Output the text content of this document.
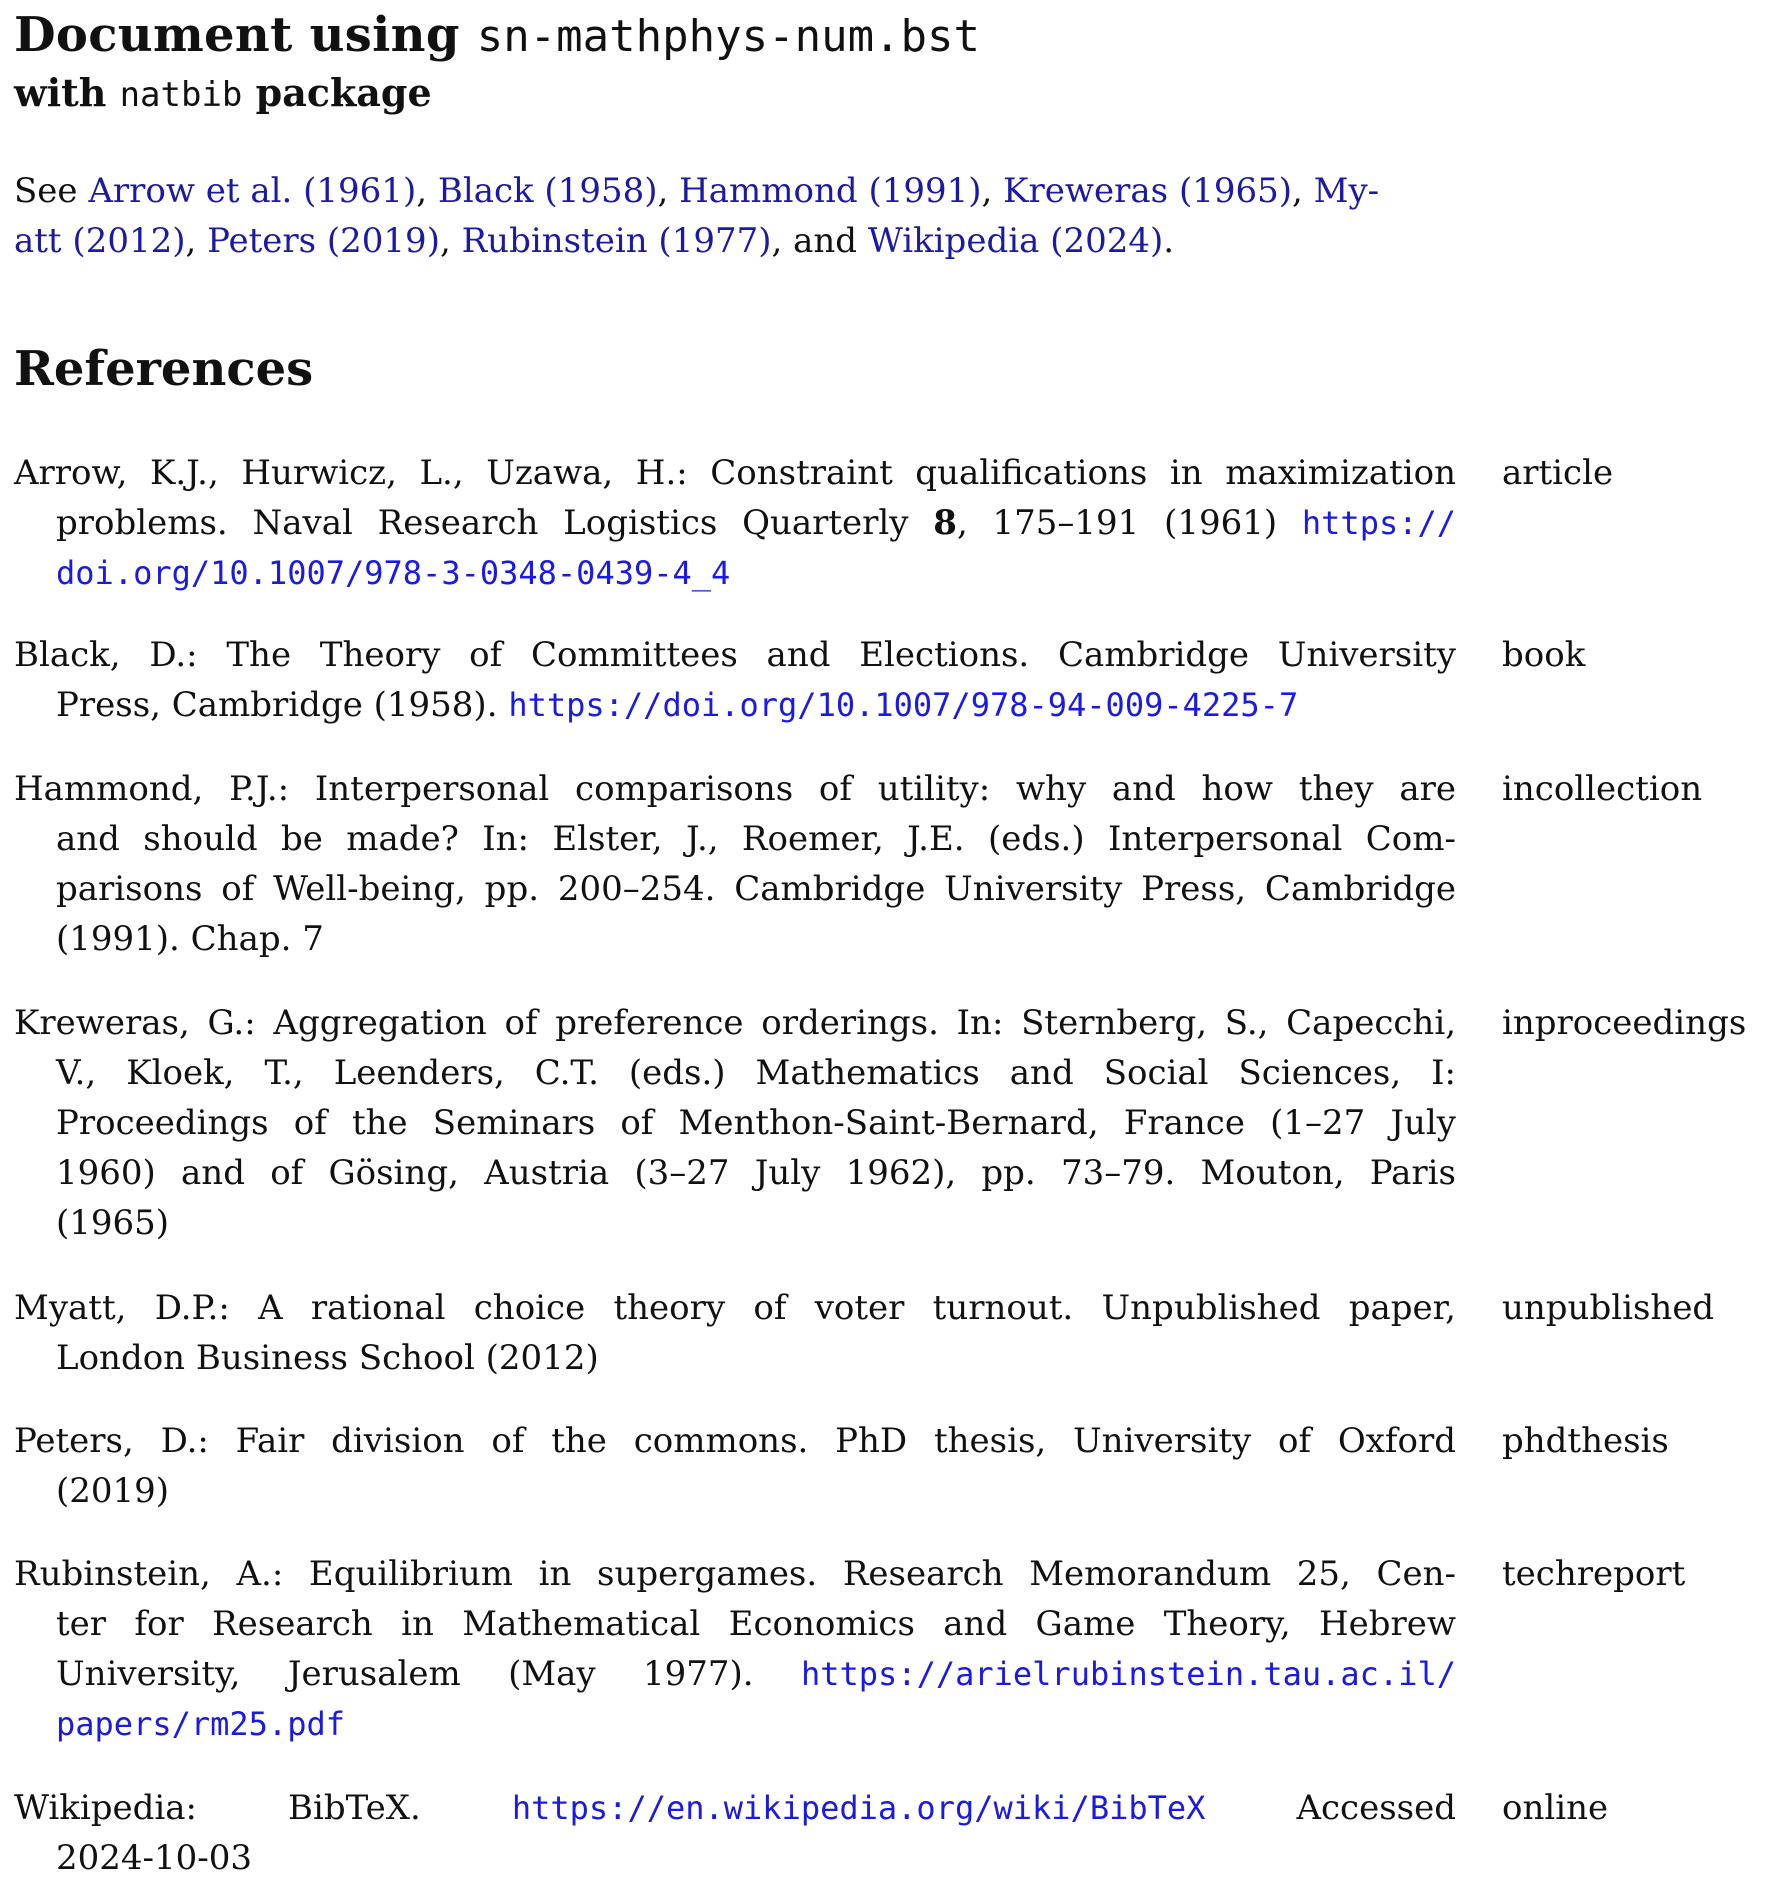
Document using sn-mathphys-num.bst
with natbib package
See Arrow et al. (1961), Black (1958), Hammond (1991), Kreweras (1965), My-
att (2012), Peters (2019), Rubinstein (1977), and Wikipedia (2024).
References
Arrow, K.J., Hurwicz, L., Uzawa, H.: Constraint qualifications in maximization
problems. Naval Research Logistics Quarterly 8, 175–191 (1961) https://
doi.org/10.1007/978-3-0348-0439-4_4
article
Black, D.: The Theory of Committees and Elections. Cambridge University
Press, Cambridge (1958). https://doi.org/10.1007/978-94-009-4225-7
book
Hammond, P.J.: Interpersonal comparisons of utility: why and how they are
and should be made? In: Elster, J., Roemer, J.E. (eds.) Interpersonal Com-
parisons of Well-being, pp. 200–254. Cambridge University Press, Cambridge
(1991). Chap. 7
incollection
Kreweras, G.: Aggregation of preference orderings. In: Sternberg, S., Capecchi,
V., Kloek, T., Leenders, C.T. (eds.) Mathematics and Social Sciences, I:
Proceedings of the Seminars of Menthon-Saint-Bernard, France (1–27 July
1960) and of Gösing, Austria (3–27 July 1962), pp. 73–79. Mouton, Paris
(1965)
inproceedings
Myatt, D.P.: A rational choice theory of voter turnout. Unpublished paper,
London Business School (2012)
unpublished
Peters, D.: Fair division of the commons. PhD thesis, University of Oxford
(2019)
phdthesis
Rubinstein, A.: Equilibrium in supergames. Research Memorandum 25, Cen-
ter for Research in Mathematical Economics and Game Theory, Hebrew
University, Jerusalem (May 1977). https://arielrubinstein.tau.ac.il/
papers/rm25.pdf
techreport
Wikipedia: BibTeX. https://en.wikipedia.org/wiki/BibTeX	Accessed
2024-10-03
online
